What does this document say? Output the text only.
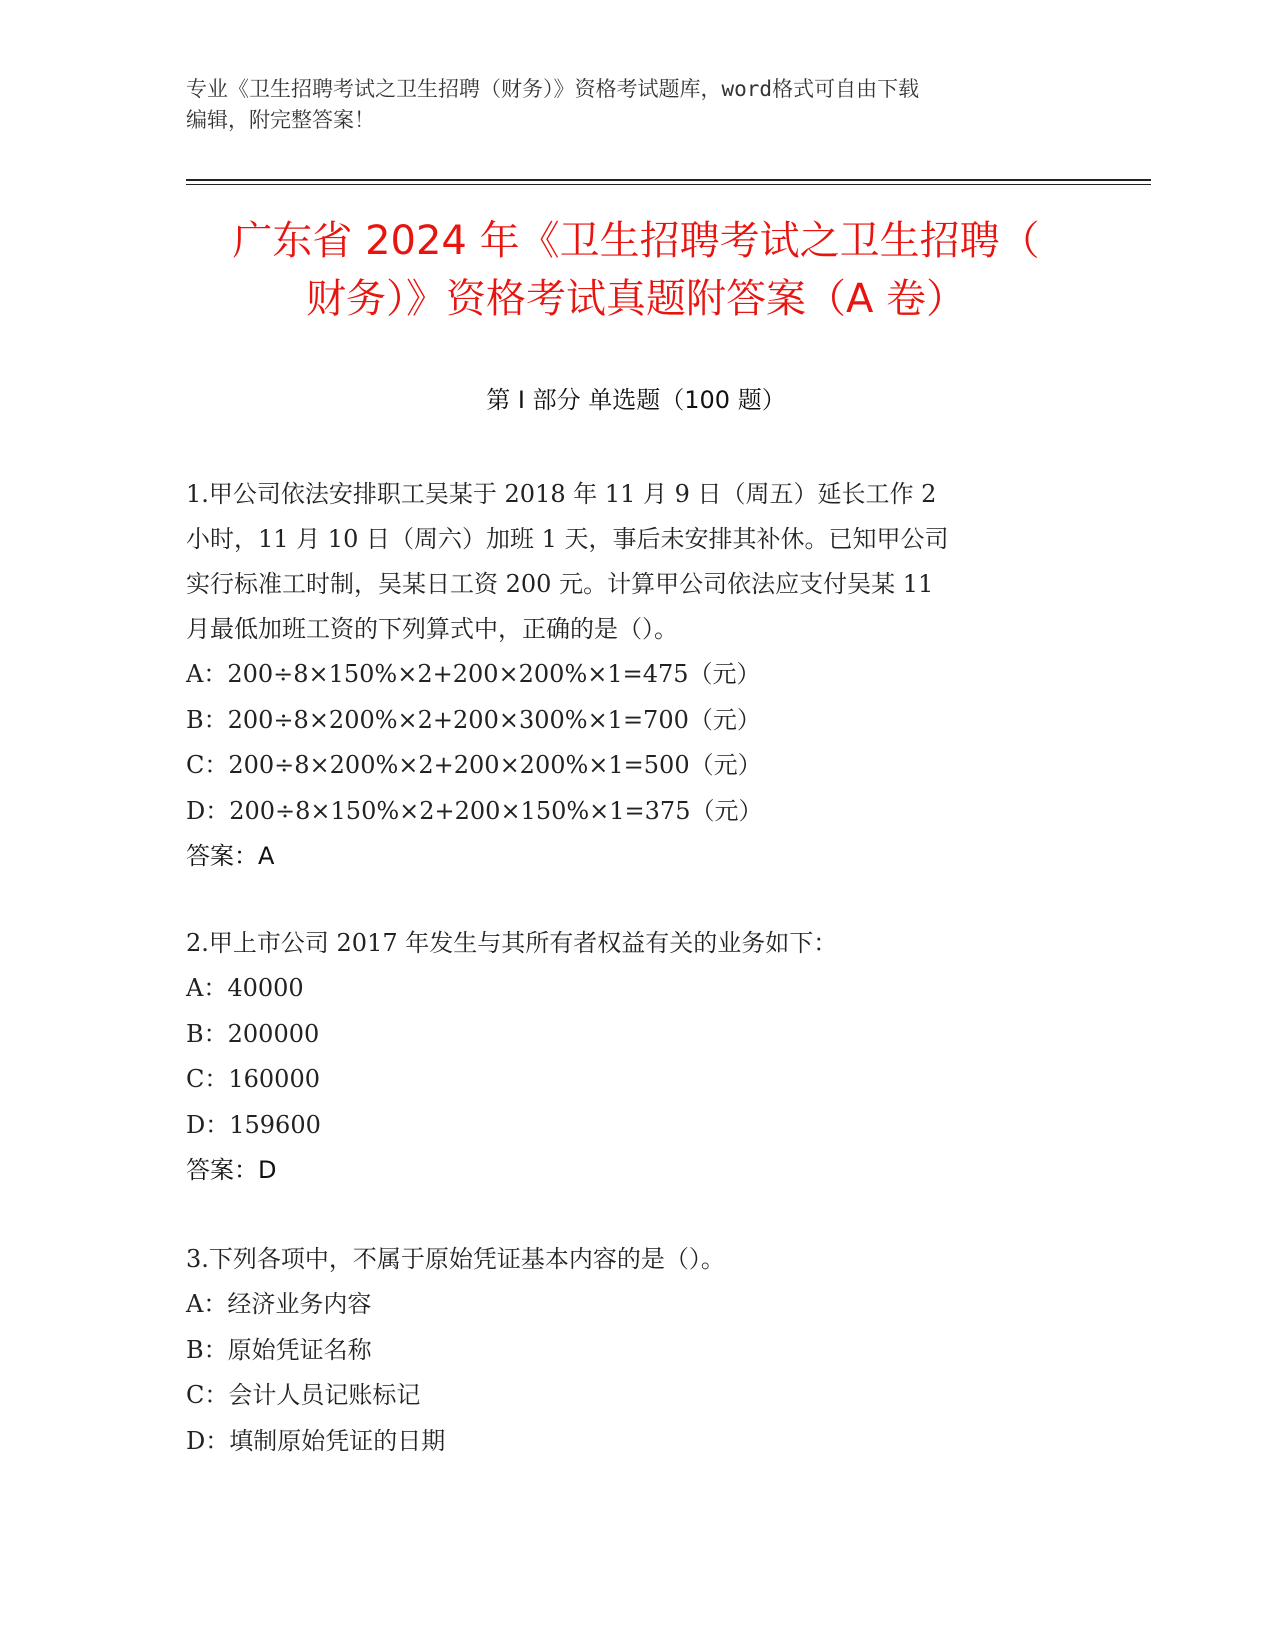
专业《卫生招聘考试之卫生招聘（财务）》资格考试题库，word格式可自由下载
编辑，附完整答案！
广东省 2024 年《卫生招聘考试之卫生招聘（
财务）》资格考试真题附答案（A 卷）
第 I 部分 单选题（100 题）

1.甲公司依法安排职工吴某于 2018 年 11 月 9 日（周五）延长工作 2

小时，11 月 10 日（周六）加班 1 天，事后未安排其补休。已知甲公司

实行标准工时制，吴某日工资 200 元。计算甲公司依法应支付吴某 11

月最低加班工资的下列算式中，正确的是（）。

A：200÷8×150%×2+200×200%×1=475（元）

B：200÷8×200%×2+200×300%×1=700（元）

C：200÷8×200%×2+200×200%×1=500（元）

D：200÷8×150%×2+200×150%×1=375（元）

答案：A

2.甲上市公司 2017 年发生与其所有者权益有关的业务如下：

A：40000

B：200000

C：160000

D：159600

答案：D

3.下列各项中，不属于原始凭证基本内容的是（）。

A：经济业务内容

B：原始凭证名称

C：会计人员记账标记

D：填制原始凭证的日期
